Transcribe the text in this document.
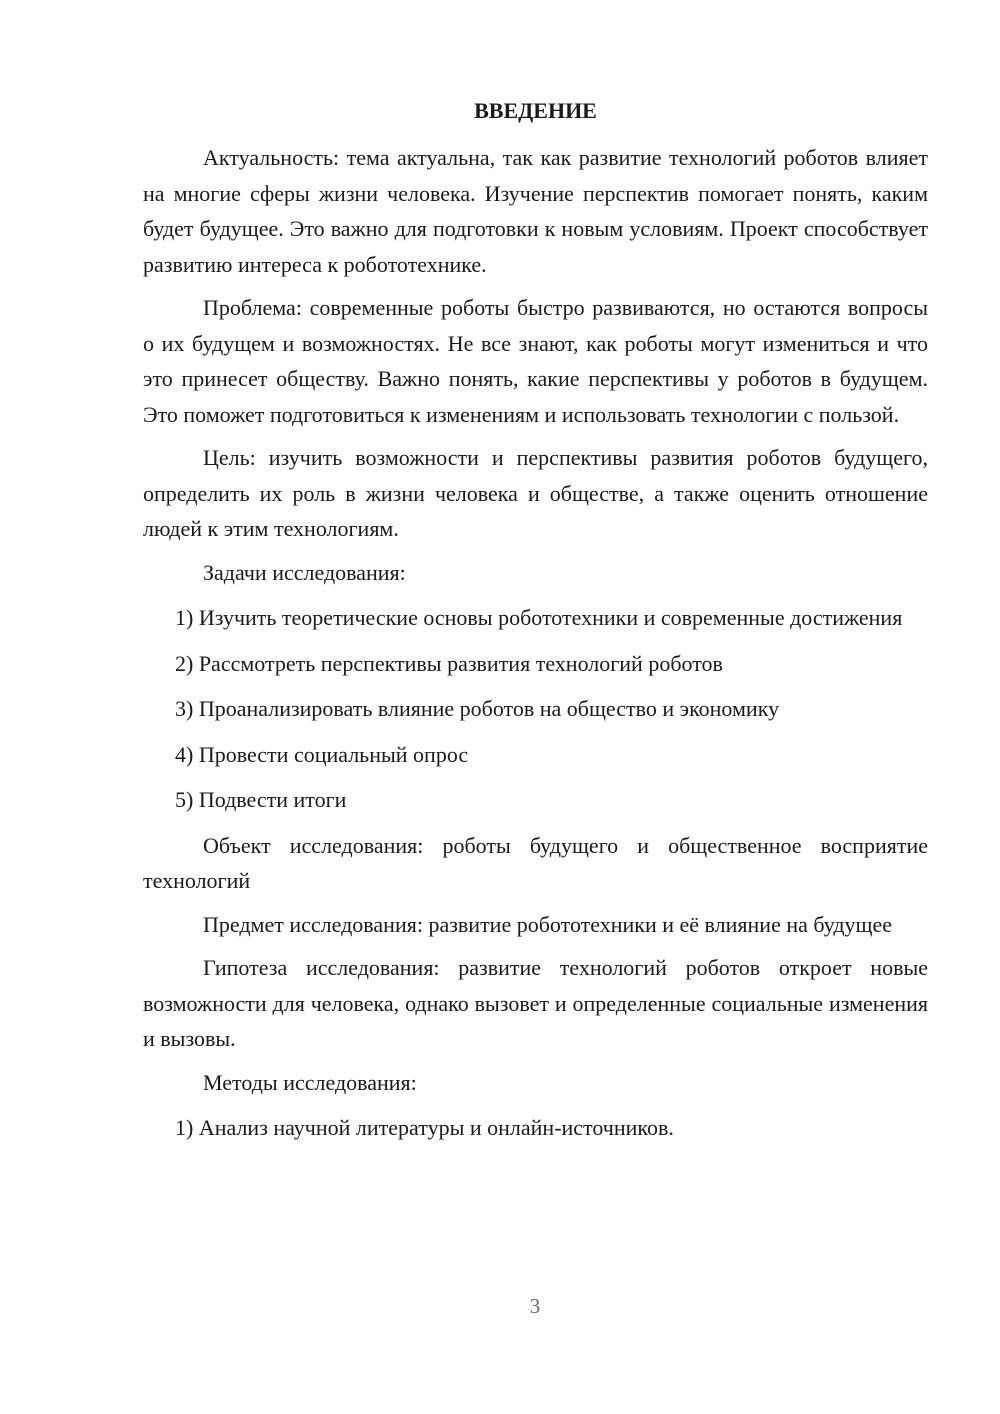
ВВЕДЕНИЕ

Актуальность: тема актуальна, так как развитие технологий роботов влияет на многие сферы жизни человека. Изучение перспектив помогает понять, каким будет будущее. Это важно для подготовки к новым условиям. Проект способствует развитию интереса к робототехнике.

Проблема: современные роботы быстро развиваются, но остаются вопросы о их будущем и возможностях. Не все знают, как роботы могут измениться и что это принесет обществу. Важно понять, какие перспективы у роботов в будущем. Это поможет подготовиться к изменениям и использовать технологии с пользой.

Цель: изучить возможности и перспективы развития роботов будущего, определить их роль в жизни человека и обществе, а также оценить отношение людей к этим технологиям.

Задачи исследования:

1) Изучить теоретические основы робототехники и современные достижения

2) Рассмотреть перспективы развития технологий роботов

3) Проанализировать влияние роботов на общество и экономику

4) Провести социальный опрос

5) Подвести итоги

Объект исследования: роботы будущего и общественное восприятие технологий

Предмет исследования: развитие робототехники и её влияние на будущее

Гипотеза исследования: развитие технологий роботов откроет новые возможности для человека, однако вызовет и определенные социальные изменения и вызовы.

Методы исследования:

1) Анализ научной литературы и онлайн-источников.

3
